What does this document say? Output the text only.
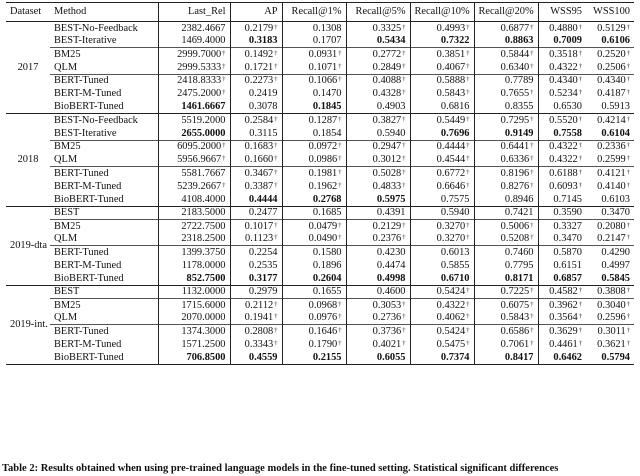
Dataset	Method	Last_Rel	AP	Recall@1%	Recall@5%	Recall@10%	Recall@20%	WSS95	WSS100
2017	BEST-No-Feedback	2382.4667	0.2179†	0.1308	0.3325†	0.4993†	0.6877†	0.4880†	0.5129†
	BEST-Iterative	1469.4000	0.3183	0.1707	0.5434	0.7322	0.8863	0.7009	0.6106
	BM25	2999.7000†	0.1492†	0.0931†	0.2772†	0.3851†	0.5844†	0.3518†	0.2520†
	QLM	2999.5333†	0.1721†	0.1071†	0.2849†	0.4067†	0.6340†	0.4322†	0.2506†
	BERT-Tuned	2418.8333†	0.2273†	0.1066†	0.4088†	0.5888†	0.7789	0.4340†	0.4340†
	BERT-M-Tuned	2475.2000†	0.2419	0.1470	0.4328†	0.5843†	0.7655†	0.5234†	0.4187†
	BioBERT-Tuned	1461.6667	0.3078	0.1845	0.4903	0.6816	0.8355	0.6530	0.5913
2018	BEST-No-Feedback	5519.2000	0.2584†	0.1287†	0.3827†	0.5449†	0.7295†	0.5520†	0.4214†
	BEST-Iterative	2655.0000	0.3115	0.1854	0.5940	0.7696	0.9149	0.7558	0.6104
	BM25	6095.2000†	0.1683†	0.0972†	0.2947†	0.4444†	0.6441†	0.4322†	0.2336†
	QLM	5956.9667†	0.1660†	0.0986†	0.3012†	0.4544†	0.6336†	0.4322†	0.2599†
	BERT-Tuned	5581.7667	0.3467†	0.1981†	0.5028†	0.6772†	0.8196†	0.6188†	0.4121†
	BERT-M-Tuned	5239.2667†	0.3387†	0.1962†	0.4833†	0.6646†	0.8276†	0.6093†	0.4140†
	BioBERT-Tuned	4108.4000	0.4444	0.2768	0.5975	0.7575	0.8946	0.7145	0.6103
2019-dta	BEST	2183.5000	0.2477	0.1685	0.4391	0.5940	0.7421	0.3590	0.3470
	BM25	2722.7500	0.1017†	0.0479†	0.2129†	0.3270†	0.5006†	0.3327	0.2080†
	QLM	2318.2500	0.1123†	0.0490†	0.2376†	0.3270†	0.5208†	0.3470	0.2147†
	BERT-Tuned	1399.3750	0.2254	0.1580	0.4230	0.6013	0.7460	0.5870	0.4290
	BERT-M-Tuned	1178.0000	0.2535	0.1896	0.4474	0.5855	0.7795	0.6151	0.4997
	BioBERT-Tuned	852.7500	0.3177	0.2604	0.4998	0.6710	0.8171	0.6857	0.5845
2019-int.	BEST	1132.0000	0.2979	0.1655	0.4600	0.5424†	0.7225†	0.4582†	0.3808†
	BM25	1715.6000	0.2112†	0.0968†	0.3053†	0.4322†	0.6075†	0.3962†	0.3040†
	QLM	2070.0000	0.1941†	0.0976†	0.2736†	0.4062†	0.5843†	0.3564†	0.2596†
	BERT-Tuned	1374.3000	0.2808†	0.1646†	0.3736†	0.5424†	0.6586†	0.3629†	0.3011†
	BERT-M-Tuned	1571.2500	0.3343†	0.1790†	0.4021†	0.5475†	0.7061†	0.4461†	0.3621†
	BioBERT-Tuned	706.8500	0.4559	0.2155	0.6055	0.7374	0.8417	0.6462	0.5794
Table 2: Results obtained when using pre-trained language models in the fine-tuned setting. Statistical significant differences
